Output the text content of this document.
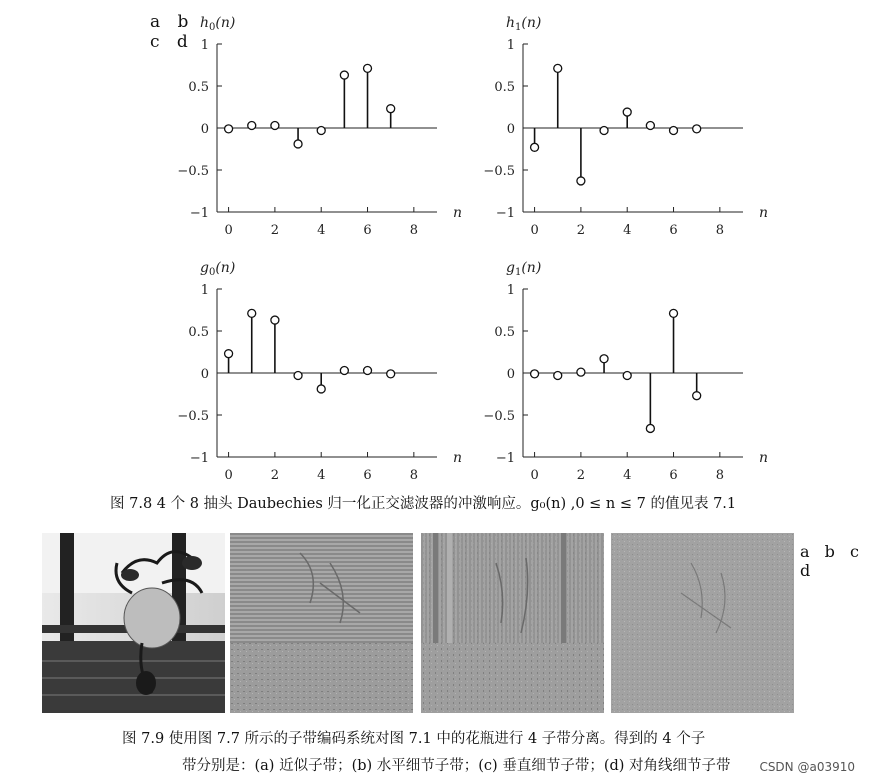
a b
c d 1
0.5
0
−0.5
−1
0	2	4	6	8
n
$h_0(n)$
1
0.5
0
−0.5
−1
0	2	4	6	8
n
$h_1(n)$
1
0.5
0
−0.5
−1
0	2	4	6	8
n
$g_0(n)$
1
0.5
0
−0.5
−1
0	2	4	6	8
n
$g_1(n)$
图 7.8 4 个 8 抽头 Daubechies 归一化正交滤波器的冲激响应。g₀(n) ,0 ≤ n ≤ 7 的值见表 7.1
a b c d
图 7.9 使用图 7.7 所示的子带编码系统对图 7.1 中的花瓶进行 4 子带分离。得到的 4 个子
带分别是：(a) 近似子带；(b) 水平细节子带；(c) 垂直细节子带；(d) 对角线细节子带 CSDN @a03910
